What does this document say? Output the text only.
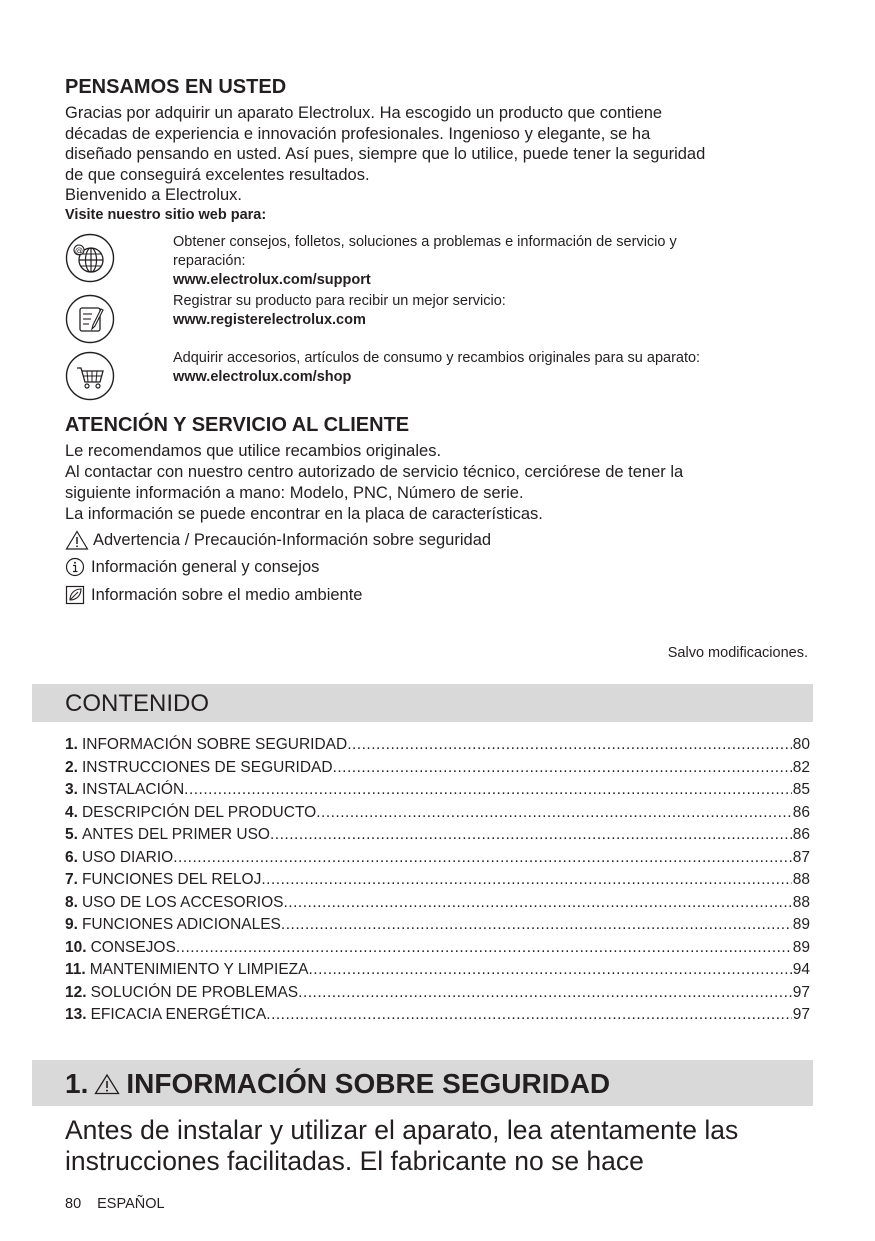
PENSAMOS EN USTED

Gracias por adquirir un aparato Electrolux. Ha escogido un producto que contiene
décadas de experiencia e innovación profesionales. Ingenioso y elegante, se ha
diseñado pensando en usted. Así pues, siempre que lo utilice, puede tener la seguridad
de que conseguirá excelentes resultados.
Bienvenido a Electrolux.

Visite nuestro sitio web para:

@

Obtener consejos, folletos, soluciones a problemas e información de servicio y
reparación:
www.electrolux.com/support

Registrar su producto para recibir un mejor servicio:
www.registerelectrolux.com

Adquirir accesorios, artículos de consumo y recambios originales para su aparato:
www.electrolux.com/shop

ATENCIÓN Y SERVICIO AL CLIENTE

Le recomendamos que utilice recambios originales.
Al contactar con nuestro centro autorizado de servicio técnico, cerciórese de tener la
siguiente información a mano: Modelo, PNC, Número de serie.
La información se puede encontrar en la placa de características.

Advertencia / Precaución-Información sobre seguridad
Información general y consejos
Información sobre el medio ambiente

Salvo modificaciones.

CONTENIDO

1. INFORMACIÓN SOBRE SEGURIDAD .....	80
2. INSTRUCCIONES DE SEGURIDAD .....	82
3. INSTALACIÓN .....	85
4. DESCRIPCIÓN DEL PRODUCTO .....	86
5. ANTES DEL PRIMER USO .....	86
6. USO DIARIO .....	87
7. FUNCIONES DEL RELOJ .....	88
8. USO DE LOS ACCESORIOS .....	88
9. FUNCIONES ADICIONALES .....	89
10. CONSEJOS .....	89
11. MANTENIMIENTO Y LIMPIEZA .....	94
12. SOLUCIÓN DE PROBLEMAS .....	97
13. EFICACIA ENERGÉTICA .....	97

1. INFORMACIÓN SOBRE SEGURIDAD

Antes de instalar y utilizar el aparato, lea atentamente las
instrucciones facilitadas. El fabricante no se hace

80 ESPAÑOL
